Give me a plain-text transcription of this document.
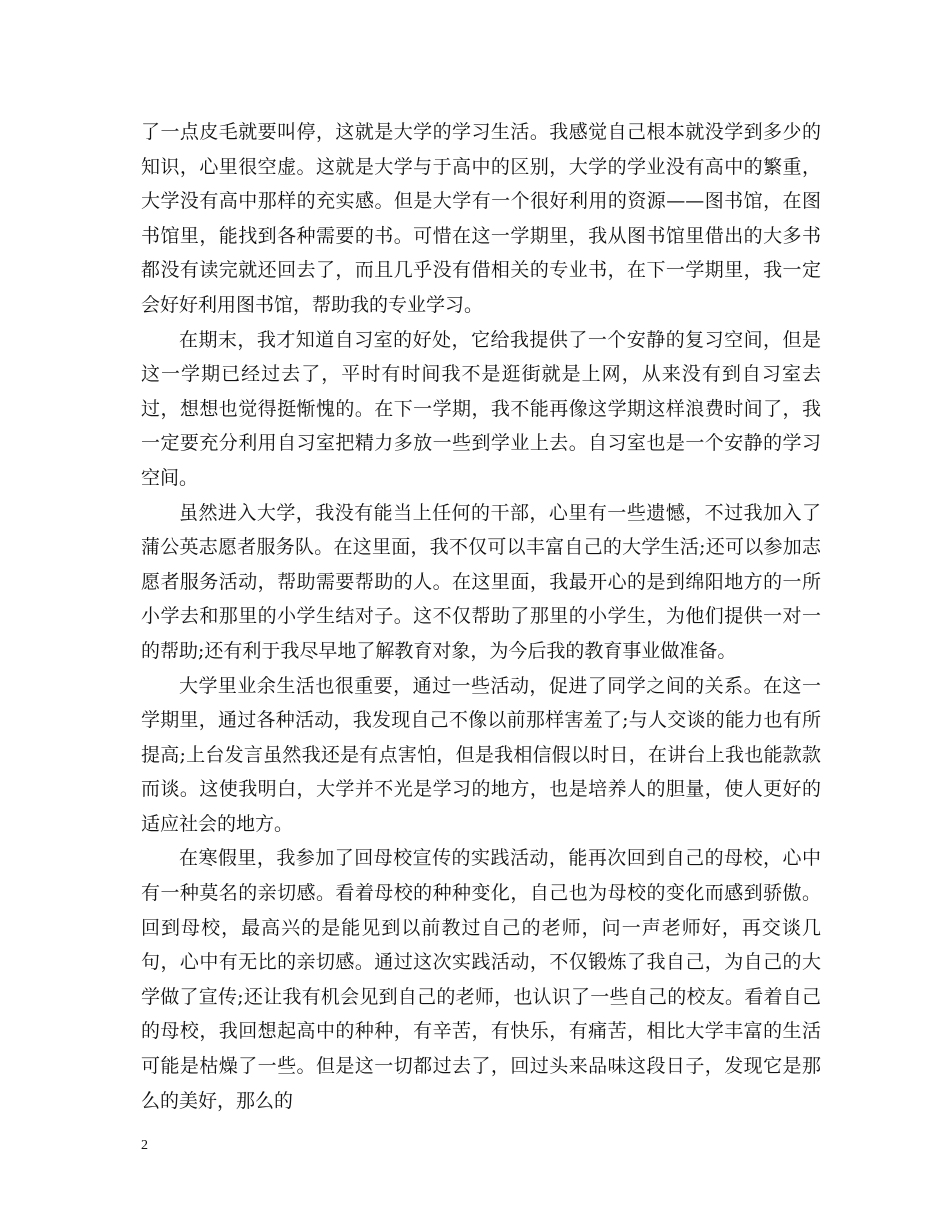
了一点皮毛就要叫停，这就是大学的学习生活。我感觉自己根本就没学到多少的知识，心里很空虚。这就是大学与于高中的区别，大学的学业没有高中的繁重，大学没有高中那样的充实感。但是大学有一个很好利用的资源——图书馆，在图书馆里，能找到各种需要的书。可惜在这一学期里，我从图书馆里借出的大多书都没有读完就还回去了，而且几乎没有借相关的专业书，在下一学期里，我一定会好好利用图书馆，帮助我的专业学习。

在期末，我才知道自习室的好处，它给我提供了一个安静的复习空间，但是这一学期已经过去了，平时有时间我不是逛街就是上网，从来没有到自习室去过，想想也觉得挺惭愧的。在下一学期，我不能再像这学期这样浪费时间了，我一定要充分利用自习室把精力多放一些到学业上去。自习室也是一个安静的学习空间。

虽然进入大学，我没有能当上任何的干部，心里有一些遗憾，不过我加入了蒲公英志愿者服务队。在这里面，我不仅可以丰富自己的大学生活;还可以参加志愿者服务活动，帮助需要帮助的人。在这里面，我最开心的是到绵阳地方的一所小学去和那里的小学生结对子。这不仅帮助了那里的小学生，为他们提供一对一的帮助;还有利于我尽早地了解教育对象，为今后我的教育事业做准备。

大学里业余生活也很重要，通过一些活动，促进了同学之间的关系。在这一学期里，通过各种活动，我发现自己不像以前那样害羞了;与人交谈的能力也有所提高;上台发言虽然我还是有点害怕，但是我相信假以时日，在讲台上我也能款款而谈。这使我明白，大学并不光是学习的地方，也是培养人的胆量，使人更好的适应社会的地方。

在寒假里，我参加了回母校宣传的实践活动，能再次回到自己的母校，心中有一种莫名的亲切感。看着母校的种种变化，自己也为母校的变化而感到骄傲。回到母校，最高兴的是能见到以前教过自己的老师，问一声老师好，再交谈几句，心中有无比的亲切感。通过这次实践活动，不仅锻炼了我自己，为自己的大学做了宣传;还让我有机会见到自己的老师，也认识了一些自己的校友。看着自己的母校，我回想起高中的种种，有辛苦，有快乐，有痛苦，相比大学丰富的生活可能是枯燥了一些。但是这一切都过去了，回过头来品味这段日子，发现它是那么的美好，那么的

2
